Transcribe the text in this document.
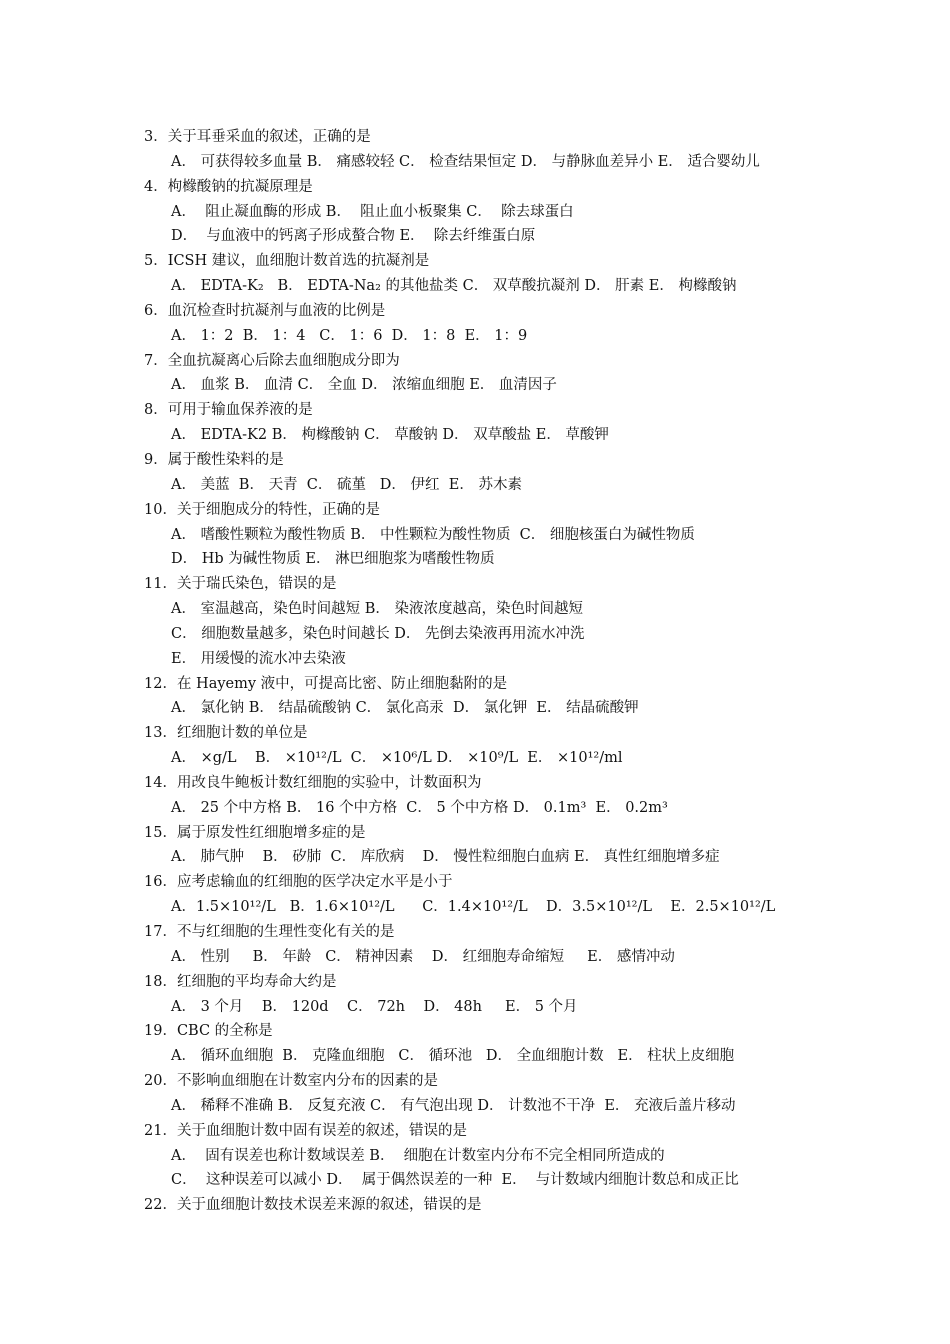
3．关于耳垂采血的叙述，正确的是
A． 可获得较多血量 B． 痛感较轻 C． 检查结果恒定 D． 与静脉血差异小 E． 适合婴幼儿
4．枸橼酸钠的抗凝原理是
A．  阻止凝血酶的形成 B．  阻止血小板聚集 C．  除去球蛋白
D．  与血液中的钙离子形成螯合物 E．  除去纤维蛋白原
5．ICSH 建议，血细胞计数首选的抗凝剂是
A． EDTA-K₂   B． EDTA-Na₂ 的其他盐类 C． 双草酸抗凝剂 D． 肝素 E． 枸橼酸钠
6．血沉检查时抗凝剂与血液的比例是
A． 1：2  B． 1：4   C． 1：6  D． 1：8  E． 1：9
7．全血抗凝离心后除去血细胞成分即为
A． 血浆 B． 血清 C． 全血 D． 浓缩血细胞 E． 血清因子
8．可用于输血保养液的是
A． EDTA-K2 B． 枸橼酸钠 C． 草酸钠 D． 双草酸盐 E． 草酸钾
9．属于酸性染料的是
A． 美蓝  B． 天青  C． 硫堇   D． 伊红  E． 苏木素
10．关于细胞成分的特性，正确的是
A． 嗜酸性颗粒为酸性物质 B． 中性颗粒为酸性物质  C． 细胞核蛋白为碱性物质
D． Hb 为碱性物质 E． 淋巴细胞浆为嗜酸性物质
11．关于瑞氏染色，错误的是
A． 室温越高，染色时间越短 B． 染液浓度越高，染色时间越短
C． 细胞数量越多，染色时间越长 D． 先倒去染液再用流水冲洗
E． 用缓慢的流水冲去染液
12．在 Hayemy 液中，可提高比密、防止细胞黏附的是
A． 氯化钠 B． 结晶硫酸钠 C． 氯化高汞  D． 氯化钾  E． 结晶硫酸钾
13．红细胞计数的单位是
A． ×g/L    B． ×10¹²/L  C． ×10⁶/L D． ×10⁹/L  E． ×10¹²/ml
14．用改良牛鲍板计数红细胞的实验中，计数面积为
A． 25 个中方格 B． 16 个中方格  C． 5 个中方格 D． 0.1m³  E． 0.2m³
15．属于原发性红细胞增多症的是
A． 肺气肿    B． 矽肺  C． 库欣病    D． 慢性粒细胞白血病 E． 真性红细胞增多症
16．应考虑输血的红细胞的医学决定水平是小于
A．1.5×10¹²/L   B．1.6×10¹²/L      C．1.4×10¹²/L    D．3.5×10¹²/L    E．2.5×10¹²/L
17．不与红细胞的生理性变化有关的是
A． 性别     B． 年龄   C． 精神因素    D． 红细胞寿命缩短     E． 感情冲动
18．红细胞的平均寿命大约是
A． 3 个月    B． 120d    C． 72h    D． 48h     E． 5 个月
19．CBC 的全称是
A． 循环血细胞  B． 克隆血细胞   C． 循环池   D． 全血细胞计数   E． 柱状上皮细胞
20．不影响血细胞在计数室内分布的因素的是
A． 稀释不准确 B． 反复充液 C． 有气泡出现 D． 计数池不干净  E． 充液后盖片移动
21．关于血细胞计数中固有误差的叙述，错误的是
A．  固有误差也称计数域误差 B．  细胞在计数室内分布不完全相同所造成的
C．  这种误差可以减小 D．  属于偶然误差的一种  E．  与计数域内细胞计数总和成正比
22．关于血细胞计数技术误差来源的叙述，错误的是
